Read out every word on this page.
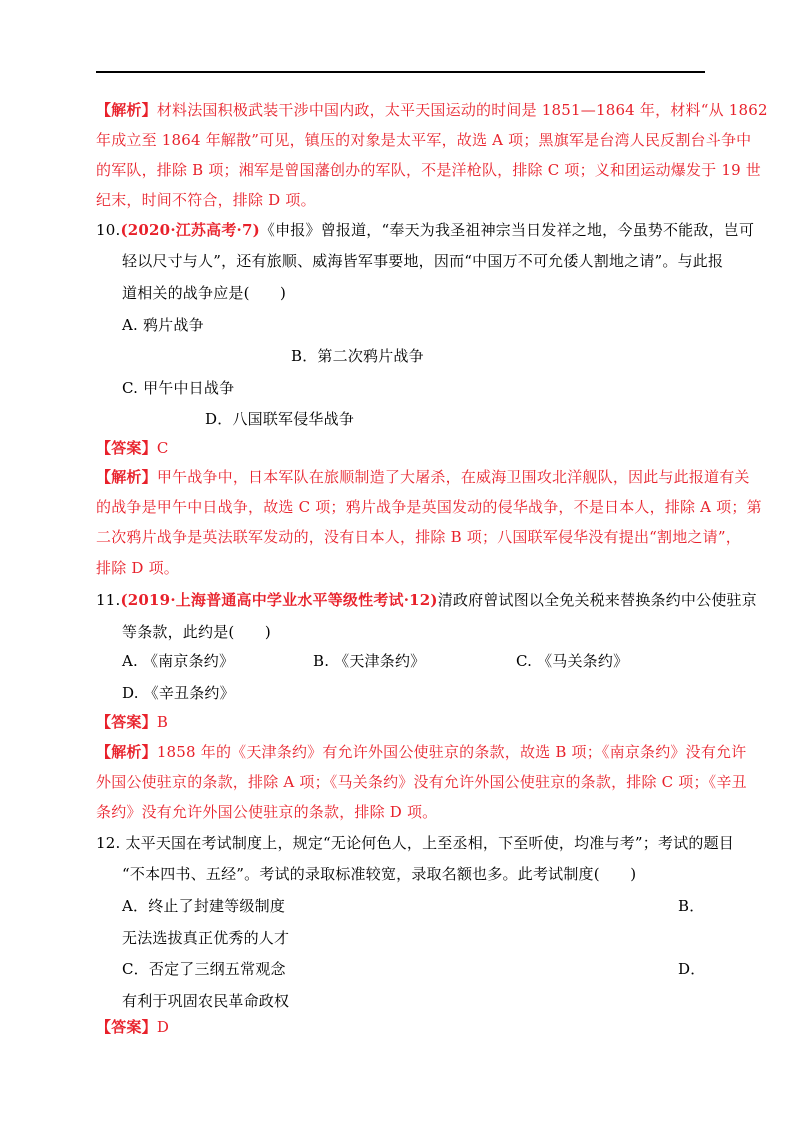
【解析】材料法国积极武装干涉中国内政，太平天国运动的时间是 1851—1864 年，材料“从 1862
年成立至 1864 年解散”可见，镇压的对象是太平军，故选 A 项；黑旗军是台湾人民反割台斗争中
的军队，排除 B 项；湘军是曾国藩创办的军队，不是洋枪队，排除 C 项；义和团运动爆发于 19 世
纪末，时间不符合，排除 D 项。
10.(2020·江苏高考·7)《申报》曾报道，“奉天为我圣祖神宗当日发祥之地，今虽势不能敌，岂可
轻以尺寸与人”，还有旅顺、威海皆军事要地，因而“中国万不可允倭人割地之请”。与此报
道相关的战争应是(　　)
A. 鸦片战争
B．第二次鸦片战争
C. 甲午中日战争
D．八国联军侵华战争
【答案】C
【解析】甲午战争中，日本军队在旅顺制造了大屠杀，在威海卫围攻北洋舰队，因此与此报道有关
的战争是甲午中日战争，故选 C 项；鸦片战争是英国发动的侵华战争，不是日本人，排除 A 项；第
二次鸦片战争是英法联军发动的，没有日本人，排除 B 项；八国联军侵华没有提出“割地之请”，
排除 D 项。
11.(2019·上海普通高中学业水平等级性考试·12)清政府曾试图以全免关税来替换条约中公使驻京
等条款，此约是(　　)
A. 《南京条约》	B. 《天津条约》	C. 《马关条约》
D. 《辛丑条约》
【答案】B
【解析】1858 年的《天津条约》有允许外国公使驻京的条款，故选 B 项；《南京条约》没有允许
外国公使驻京的条款，排除 A 项；《马关条约》没有允许外国公使驻京的条款，排除 C 项；《辛丑
条约》没有允许外国公使驻京的条款，排除 D 项。
12. 太平天国在考试制度上，规定“无论何色人，上至丞相，下至听使，均准与考”；考试的题目
“不本四书、五经”。考试的录取标准较宽，录取名额也多。此考试制度(　　)
A．终止了封建等级制度	B．
无法选拔真正优秀的人才
C．否定了三纲五常观念	D．
有利于巩固农民革命政权
【答案】D
